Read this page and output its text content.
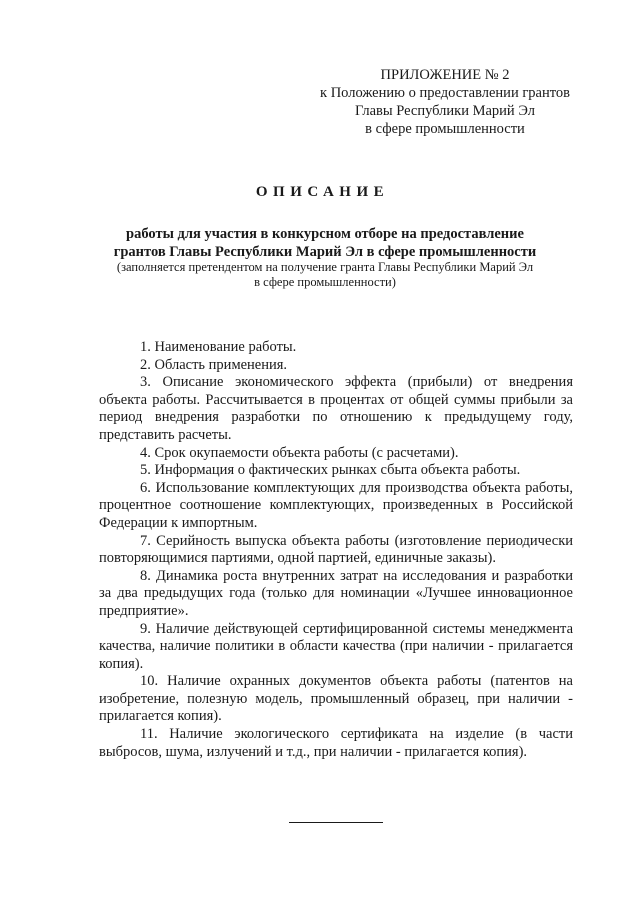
ПРИЛОЖЕНИЕ № 2
к Положению о предоставлении грантов
Главы Республики Марий Эл
в сфере промышленности
ОПИСАНИЕ
работы для участия в конкурсном отборе на предоставление
грантов Главы Республики Марий Эл в сфере промышленности
(заполняется претендентом на получение гранта Главы Республики Марий Эл
в сфере промышленности)

1. Наименование работы.

2. Область применения.

3. Описание экономического эффекта (прибыли) от внедрения объекта работы. Рассчитывается в процентах от общей суммы прибыли за период внедрения разработки по отношению к предыдущему году, представить расчеты.

4. Срок окупаемости объекта работы (с расчетами).

5. Информация о фактических рынках сбыта объекта работы.

6. Использование комплектующих для производства объекта работы, процентное соотношение комплектующих, произведенных в Российской Федерации к импортным.

7. Серийность выпуска объекта работы (изготовление периодически повторяющимися партиями, одной партией, единичные заказы).

8. Динамика роста внутренних затрат на исследования и разработки за два предыдущих года (только для номинации «Лучшее инновационное предприятие».

9. Наличие действующей сертифицированной системы менеджмента качества, наличие политики в области качества (при наличии - прилагается копия).

10. Наличие охранных документов объекта работы (патентов на изобретение, полезную модель, промышленный образец, при наличии - прилагается копия).

11. Наличие экологического сертификата на изделие (в части выбросов, шума, излучений и т.д., при наличии - прилагается копия).
